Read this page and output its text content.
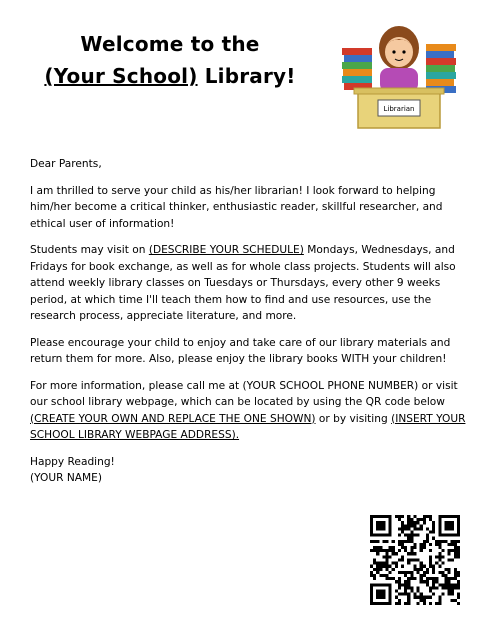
Welcome to the
(Your School) Library!
Librarian

Dear Parents,

I am thrilled to serve your child as his/her librarian! I look forward to helping him/her become a critical thinker, enthusiastic reader, skillful researcher, and ethical user of information!

Students may visit on (DESCRIBE YOUR SCHEDULE) Mondays, Wednesdays, and Fridays for book exchange, as well as for whole class projects. Students will also attend weekly library classes on Tuesdays or Thursdays, every other 9 weeks period, at which time I'll teach them how to find and use resources, use the research process, appreciate literature, and more.

Please encourage your child to enjoy and take care of our library materials and return them for more. Also, please enjoy the library books WITH your children!

For more information, please call me at (YOUR SCHOOL PHONE NUMBER) or visit our school library webpage, which can be located by using the QR code below (CREATE YOUR OWN AND REPLACE THE ONE SHOWN) or by visiting (INSERT YOUR SCHOOL LIBRARY WEBPAGE ADDRESS).

Happy Reading!
(YOUR NAME)
